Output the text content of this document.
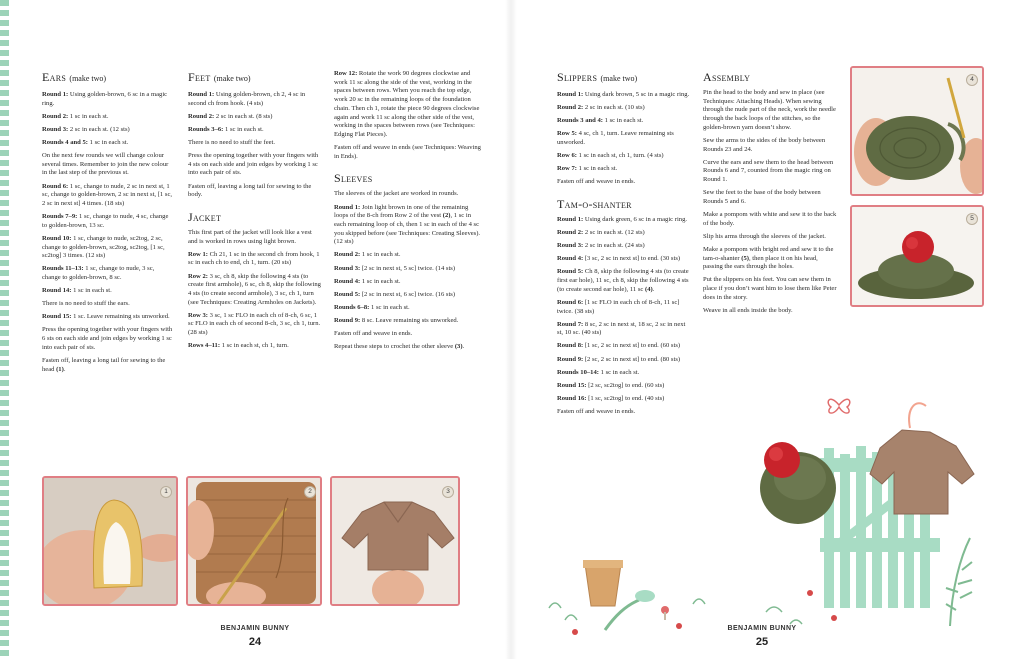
Ears (make two)

Round 1: Using golden-brown, 6 sc in a magic ring.

Round 2: 1 sc in each st.

Round 3: 2 sc in each st. (12 sts)

Rounds 4 and 5: 1 sc in each st.

On the next few rounds we will change colour several times. Remember to join the new colour in the last step of the previous st.

Round 6: 1 sc, change to nude, 2 sc in next st, 1 sc, change to golden-brown, 2 sc in next st, [1 sc, 2 sc in next st] 4 times. (18 sts)

Rounds 7–9: 1 sc, change to nude, 4 sc, change to golden-brown, 13 sc.

Round 10: 1 sc, change to nude, sc2tog, 2 sc, change to golden-brown, sc2tog, sc2tog, [1 sc, sc2tog] 3 times. (12 sts)

Rounds 11–13: 1 sc, change to nude, 3 sc, change to golden-brown, 8 sc.

Round 14: 1 sc in each st.

There is no need to stuff the ears.

Round 15: 1 sc. Leave remaining sts unworked.

Press the opening together with your fingers with 6 sts on each side and join edges by working 1 sc into each pair of sts.

Fasten off, leaving a long tail for sewing to the head (1).

Feet (make two)

Round 1: Using golden-brown, ch 2, 4 sc in second ch from hook. (4 sts)

Round 2: 2 sc in each st. (8 sts)

Rounds 3–6: 1 sc in each st.

There is no need to stuff the feet.

Press the opening together with your fingers with 4 sts on each side and join edges by working 1 sc into each pair of sts.

Fasten off, leaving a long tail for sewing to the body.

Jacket

This first part of the jacket will look like a vest and is worked in rows using light brown.

Row 1: Ch 21, 1 sc in the second ch from hook, 1 sc in each ch to end, ch 1, turn. (20 sts)

Row 2: 3 sc, ch 8, skip the following 4 sts (to create first armhole), 6 sc, ch 8, skip the following 4 sts (to create second armhole), 3 sc, ch 1, turn (see Techniques: Creating Armholes on Jackets).

Row 3: 3 sc, 1 sc FLO in each ch of 8-ch, 6 sc, 1 sc FLO in each ch of second 8-ch, 3 sc, ch 1, turn. (28 sts)

Rows 4–11: 1 sc in each st, ch 1, turn.

Row 12: Rotate the work 90 degrees clockwise and work 11 sc along the side of the vest, working in the spaces between rows. When you reach the top edge, work 20 sc in the remaining loops of the foundation chain. Then ch 1, rotate the piece 90 degrees clockwise again and work 11 sc along the other side of the vest, working in the spaces between rows (see Techniques: Edging Flat Pieces).

Fasten off and weave in ends (see Techniques: Weaving in Ends).

Sleeves

The sleeves of the jacket are worked in rounds.

Round 1: Join light brown in one of the remaining loops of the 8-ch from Row 2 of the vest (2), 1 sc in each remaining loop of ch, then 1 sc in each of the 4 sc you skipped before (see Techniques: Creating Sleeves). (12 sts)

Round 2: 1 sc in each st.

Round 3: [2 sc in next st, 5 sc] twice. (14 sts)

Round 4: 1 sc in each st.

Round 5: [2 sc in next st, 6 sc] twice. (16 sts)

Rounds 6–8: 1 sc in each st.

Round 9: 8 sc. Leave remaining sts unworked.

Fasten off and weave in ends.

Repeat these steps to crochet the other sleeve (3).

Slippers (make two)

Round 1: Using dark brown, 5 sc in a magic ring.

Round 2: 2 sc in each st. (10 sts)

Rounds 3 and 4: 1 sc in each st.

Row 5: 4 sc, ch 1, turn. Leave remaining sts unworked.

Row 6: 1 sc in each st, ch 1, turn. (4 sts)

Row 7: 1 sc in each st.

Fasten off and weave in ends.

Tam-o-shanter

Round 1: Using dark green, 6 sc in a magic ring.

Round 2: 2 sc in each st. (12 sts)

Round 3: 2 sc in each st. (24 sts)

Round 4: [3 sc, 2 sc in next st] to end. (30 sts)

Round 5: Ch 8, skip the following 4 sts (to create first ear hole), 11 sc, ch 8, skip the following 4 sts (to create second ear hole), 11 sc (4).

Round 6: [1 sc FLO in each ch of 8-ch, 11 sc] twice. (38 sts)

Round 7: 8 sc, 2 sc in next st, 18 sc, 2 sc in next st, 10 sc. (40 sts)

Round 8: [1 sc, 2 sc in next st] to end. (60 sts)

Round 9: [2 sc, 2 sc in next st] to end. (80 sts)

Rounds 10–14: 1 sc in each st.

Round 15: [2 sc, sc2tog] to end. (60 sts)

Round 16: [1 sc, sc2tog] to end. (40 sts)

Fasten off and weave in ends.

Assembly

Pin the head to the body and sew in place (see Techniques: Attaching Heads). When sewing through the nude part of the neck, work the needle through the back loops of the stitches, so the golden-brown yarn doesn’t show.

Sew the arms to the sides of the body between Rounds 23 and 24.

Curve the ears and sew them to the head between Rounds 6 and 7, counted from the magic ring on Round 1.

Sew the feet to the base of the body between Rounds 5 and 6.

Make a pompom with white and sew it to the back of the body.

Slip his arms through the sleeves of the jacket.

Make a pompom with bright red and sew it to the tam-o-shanter (5), then place it on his head, passing the ears through the holes.

Put the slippers on his feet. You can sew them in place if you don’t want him to lose them like Peter does in the story.

Weave in all ends inside the body.

1	2	3
4
5
BENJAMIN BUNNY
24
BENJAMIN BUNNY
25
